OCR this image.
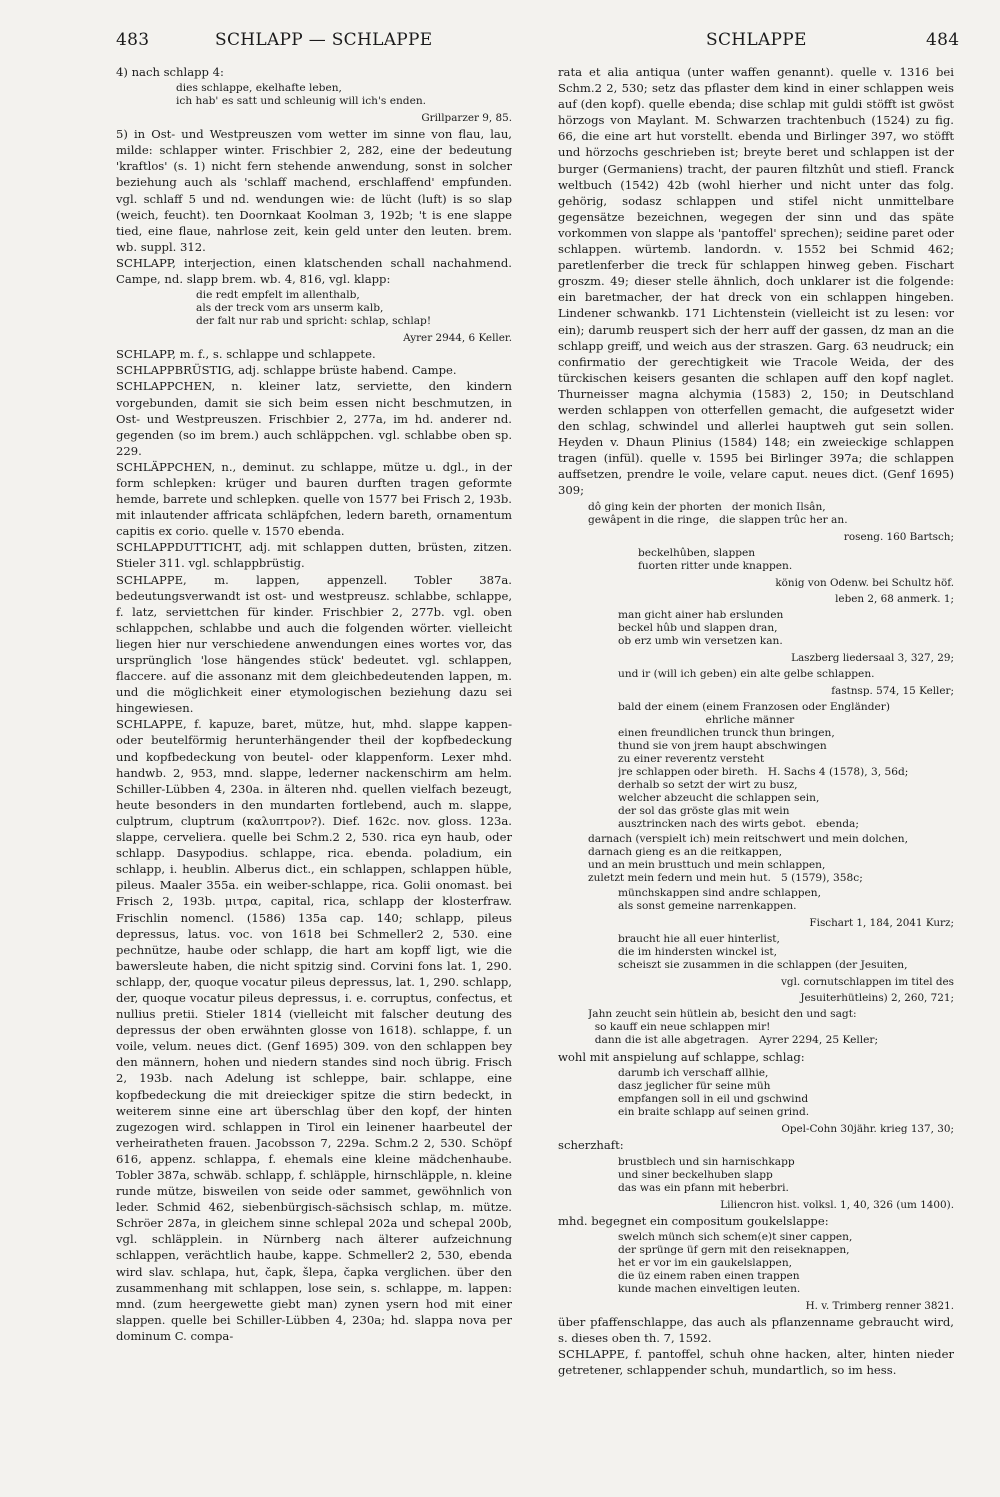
483	SCHLAPP — SCHLAPPE	SCHLAPPE	484

4) nach schlapp 4:

dies schlappe, ekelhafte leben,
ich hab' es satt und schleunig will ich's enden.

Grillparzer 9, 85.

5) in Ost- und Westpreuszen vom wetter im sinne von flau, lau, milde: schlapper winter. Frischbier 2, 282, eine der bedeutung 'kraftlos' (s. 1) nicht fern stehende anwendung, sonst in solcher beziehung auch als 'schlaff machend, erschlaffend' empfunden. vgl. schlaff 5 und nd. wendungen wie: de lücht (luft) is so slap (weich, feucht). ten Doornkaat Koolman 3, 192b; 't is ene slappe tied, eine flaue, nahrlose zeit, kein geld unter den leuten. brem. wb. suppl. 312.

SCHLAPP, interjection, einen klatschenden schall nachahmend. Campe, nd. slapp brem. wb. 4, 816, vgl. klapp:

die redt empfelt im allenthalb,
als der treck vom ars unserm kalb,
der falt nur rab und spricht: schlap, schlap!

Ayrer 2944, 6 Keller.

SCHLAPP, m. f., s. schlappe und schlappete.

SCHLAPPBRÜSTIG, adj. schlappe brüste habend. Campe.

SCHLAPPCHEN, n. kleiner latz, serviette, den kindern vorgebunden, damit sie sich beim essen nicht beschmutzen, in Ost- und Westpreuszen. Frischbier 2, 277a, im hd. anderer nd. gegenden (so im brem.) auch schläppchen. vgl. schlabbe oben sp. 229.

SCHLÄPPCHEN, n., deminut. zu schlappe, mütze u. dgl., in der form schlepken: krüger und bauren durften tragen geformte hemde, barrete und schlepken. quelle von 1577 bei Frisch 2, 193b. mit inlautender affricata schläpfchen, ledern bareth, ornamentum capitis ex corio. quelle v. 1570 ebenda.

SCHLAPPDUTTICHT, adj. mit schlappen dutten, brüsten, zitzen. Stieler 311. vgl. schlappbrüstig.

SCHLAPPE, m. lappen, appenzell. Tobler 387a. bedeutungsverwandt ist ost- und westpreusz. schlabbe, schlappe, f. latz, serviettchen für kinder. Frischbier 2, 277b. vgl. oben schlappchen, schlabbe und auch die folgenden wörter. vielleicht liegen hier nur verschiedene anwendungen eines wortes vor, das ursprünglich 'lose hängendes stück' bedeutet. vgl. schlappen, flaccere. auf die assonanz mit dem gleichbedeutenden lappen, m. und die möglichkeit einer etymologischen beziehung dazu sei hingewiesen.

SCHLAPPE, f. kapuze, baret, mütze, hut, mhd. slappe kappen- oder beutelförmig herunterhängender theil der kopfbedeckung und kopfbedeckung von beutel- oder klappenform. Lexer mhd. handwb. 2, 953, mnd. slappe, lederner nackenschirm am helm. Schiller-Lübben 4, 230a. in älteren nhd. quellen vielfach bezeugt, heute besonders in den mundarten fortlebend, auch m. slappe, culptrum, cluptrum (καλυπτρον?). Dief. 162c. nov. gloss. 123a. slappe, cerveliera. quelle bei Schm.2 2, 530. rica eyn haub, oder schlapp. Dasypodius. schlappe, rica. ebenda. poladium, ein schlapp, i. heublin. Alberus dict., ein schlappen, schlappen hüble, pileus. Maaler 355a. ein weiber-schlappe, rica. Golii onomast. bei Frisch 2, 193b. μιτρα, capital, rica, schlapp der klosterfraw. Frischlin nomencl. (1586) 135a cap. 140; schlapp, pileus depressus, latus. voc. von 1618 bei Schmeller2 2, 530. eine pechnütze, haube oder schlapp, die hart am kopff ligt, wie die bawersleute haben, die nicht spitzig sind. Corvini fons lat. 1, 290. schlapp, der, quoque vocatur pileus depressus, lat. 1, 290. schlapp, der, quoque vocatur pileus depressus, i. e. corruptus, confectus, et nullius pretii. Stieler 1814 (vielleicht mit falscher deutung des depressus der oben erwähnten glosse von 1618). schlappe, f. un voile, velum. neues dict. (Genf 1695) 309. von den schlappen bey den männern, hohen und niedern standes sind noch übrig. Frisch 2, 193b. nach Adelung ist schleppe, bair. schlappe, eine kopfbedeckung die mit dreieckiger spitze die stirn bedeckt, in weiterem sinne eine art überschlag über den kopf, der hinten zugezogen wird. schlappen in Tirol ein leinener haarbeutel der verheiratheten frauen. Jacobsson 7, 229a. Schm.2 2, 530. Schöpf 616, appenz. schlappa, f. ehemals eine kleine mädchenhaube. Tobler 387a, schwäb. schlapp, f. schläpple, hirnschläpple, n. kleine runde mütze, bisweilen von seide oder sammet, gewöhnlich von leder. Schmid 462, siebenbürgisch-sächsisch schlap, m. mütze. Schröer 287a, in gleichem sinne schlepal 202a und schepal 200b, vgl. schläpplein. in Nürnberg nach älterer aufzeichnung schlappen, verächtlich haube, kappe. Schmeller2 2, 530, ebenda wird slav. schlapa, hut, čapk, šlepa, čapka verglichen. über den zusammenhang mit schlappen, lose sein, s. schlappe, m. lappen: mnd. (zum heergewette giebt man) zynen ysern hod mit einer slappen. quelle bei Schiller-Lübben 4, 230a; hd. slappa nova per dominum C. compa-

rata et alia antiqua (unter waffen genannt). quelle v. 1316 bei Schm.2 2, 530; setz das pflaster dem kind in einer schlappen weis auf (den kopf). quelle ebenda; dise schlap mit guldi stöfft ist gwöst hörzogs von Maylant. M. Schwarzen trachtenbuch (1524) zu fig. 66, die eine art hut vorstellt. ebenda und Birlinger 397, wo stöfft und hörzochs geschrieben ist; breyte beret und schlappen ist der burger (Germaniens) tracht, der pauren filtzhût und stiefl. Franck weltbuch (1542) 42b (wohl hierher und nicht unter das folg. gehörig, sodasz schlappen und stifel nicht unmittelbare gegensätze bezeichnen, wegegen der sinn und das späte vorkommen von slappe als 'pantoffel' sprechen); seidine paret oder schlappen. würtemb. landordn. v. 1552 bei Schmid 462; paretlenferber die treck für schlappen hinweg geben. Fischart groszm. 49; dieser stelle ähnlich, doch unklarer ist die folgende: ein baretmacher, der hat dreck von ein schlappen hingeben. Lindener schwankb. 171 Lichtenstein (vielleicht ist zu lesen: vor ein); darumb reuspert sich der herr auff der gassen, dz man an die schlapp greiff, und weich aus der straszen. Garg. 63 neudruck; ein confirmatio der gerechtigkeit wie Tracole Weida, der des türckischen keisers gesanten die schlapen auff den kopf naglet. Thurneisser magna alchymia (1583) 2, 150; in Deutschland werden schlappen von otterfellen gemacht, die aufgesetzt wider den schlag, schwindel und allerlei hauptweh gut sein sollen. Heyden v. Dhaun Plinius (1584) 148; ein zweieckige schlappen tragen (infül). quelle v. 1595 bei Birlinger 397a; die schlappen auffsetzen, prendre le voile, velare caput. neues dict. (Genf 1695) 309;

dô ging kein der phorten   der monich Ilsân,
gewâpent in die ringe,   die slappen trûc her an.

roseng. 160 Bartsch;

beckelhûben, slappen
fuorten ritter unde knappen.

könig von Odenw. bei Schultz höf.

leben 2, 68 anmerk. 1;

man gicht ainer hab erslunden
beckel hûb und slappen dran,
ob erz umb win versetzen kan.

Laszberg liedersaal 3, 327, 29;

und ir (will ich geben) ein alte gelbe schlappen.

fastnsp. 574, 15 Keller;

bald der einem (einem Franzosen oder Engländer)
ehrliche männer
einen freundlichen trunck thun bringen,
thund sie von jrem haupt abschwingen
zu einer reverentz versteht
jre schlappen oder bireth.   H. Sachs 4 (1578), 3, 56d;
derhalb so setzt der wirt zu busz,
welcher abzeucht die schlappen sein,
der sol das gröste glas mit wein
ausztrincken nach des wirts gebot.   ebenda;
darnach (verspielt ich) mein reitschwert und mein dolchen,
darnach gieng es an die reitkappen,
und an mein brusttuch und mein schlappen,
zuletzt mein federn und mein hut.   5 (1579), 358c;
münchskappen sind andre schlappen,
als sonst gemeine narrenkappen.

Fischart 1, 184, 2041 Kurz;

braucht hie all euer hinterlist,
die im hindersten winckel ist,
scheiszt sie zusammen in die schlappen (der Jesuiten,

vgl. cornutschlappen im titel des

Jesuiterhütleins) 2, 260, 721;

Jahn zeucht sein hütlein ab, besicht den und sagt:
so kauff ein neue schlappen mir!
dann die ist alle abgetragen.   Ayrer 2294, 25 Keller;

wohl mit anspielung auf schlappe, schlag:

darumb ich verschaff allhie,
dasz jeglicher für seine müh
empfangen soll in eil und gschwind
ein braite schlapp auf seinen grind.

Opel-Cohn 30jähr. krieg 137, 30;

scherzhaft:

brustblech und sin harnischkapp
und siner beckelhuben slapp
das was ein pfann mit heberbri.

Liliencron hist. volksl. 1, 40, 326 (um 1400).

mhd. begegnet ein compositum goukelslappe:

swelch münch sich schem(e)t siner cappen,
der sprünge üf gern mit den reiseknappen,
het er vor im ein gaukelslappen,
die üz einem raben einen trappen
kunde machen einveltigen leuten.

H. v. Trimberg renner 3821.

über pfaffenschlappe, das auch als pflanzenname gebraucht wird, s. dieses oben th. 7, 1592.

SCHLAPPE, f. pantoffel, schuh ohne hacken, alter, hinten nieder getretener, schlappender schuh, mundartlich, so im hess.
